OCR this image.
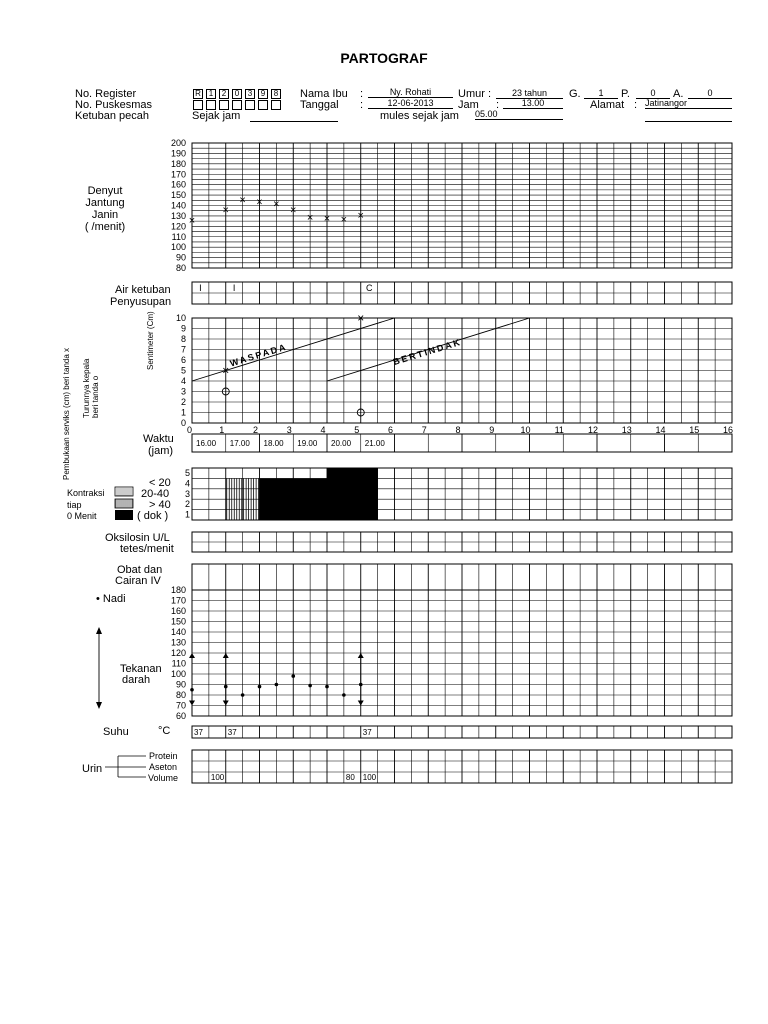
PARTOGRAF
No. Register	R 1	2	0	3	9	8
No. Puskesmas
Ketuban pecah	Sejak jam
Nama Ibu :	Ny. Rohati
Tanggal :	12-06-2013
mules sejak jam 05.00
Umur :	23 tahun
Jam :	13.00
G.	1	P.	0	A.	0
Alamat : Jatinangor
Denyut
Jantung
Janin
( /menit)
Air ketuban
Penyusupan
Pembukaan serviks (cm) beri tanda x Turunnya kepala beri tanda o
Sentimeter (Cm)
Waktu
(jam)
Kontraksi
tiap
0 Menit
< 20
20-40
> 40
( dok )
Oksilosin U/L
tetes/menit
Obat dan
Cairan IV
• Nadi
Tekanan
darah
Suhu	°C
Urin
Protein
Aseton
Volume
200
190
180
170
160
150
140
130
120
110
100
90
80
×
×
× × ×
×
× × × ×
I	I	C
10
9
8
7
6
5
4
3
2
1
0
WASPADA	BERTINDAK
×
×
0	1	2	3	4	5	6	7	8	9	10	11	12	13	14	15	16
16.00 17.00 18.00 19.00 20.00 21.00
5
4
3
2
1
180
170
160
150
140
130
120
110
100
90
80
70
60
37	37	37
100	80 100
